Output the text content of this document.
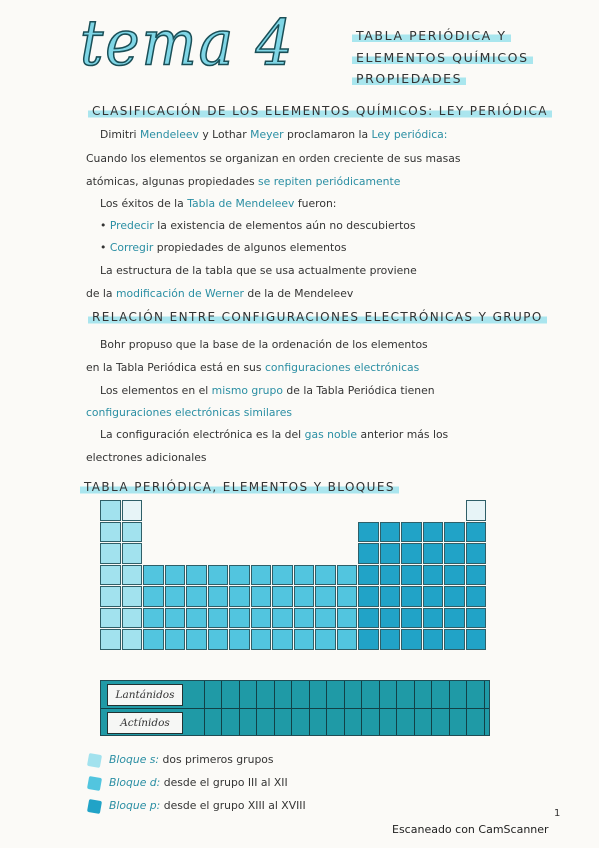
tema 4	TABLA PERIÓDICA Y
ELEMENTOS QUÍMICOS
PROPIEDADES
CLASIFICACIÓN DE LOS ELEMENTOS QUÍMICOS: LEY PERIÓDICA
Dimitri Mendeleev y Lothar Meyer proclamaron la Ley periódica:
Cuando los elementos se organizan en orden creciente de sus masas
atómicas, algunas propiedades se repiten periódicamente
Los éxitos de la Tabla de Mendeleev fueron:
• Predecir la existencia de elementos aún no descubiertos
• Corregir propiedades de algunos elementos
La estructura de la tabla que se usa actualmente proviene
de la modificación de Werner de la de Mendeleev
RELACIÓN ENTRE CONFIGURACIONES ELECTRÓNICAS Y GRUPO
Bohr propuso que la base de la ordenación de los elementos
en la Tabla Periódica está en sus configuraciones electrónicas
Los elementos en el mismo grupo de la Tabla Periódica tienen
configuraciones electrónicas similares
La configuración electrónica es la del gas noble anterior más los
electrones adicionales
TABLA PERIÓDICA, ELEMENTOS Y BLOQUES
Lantánidos
Actínidos
Bloque s: dos primeros grupos
Bloque d: desde el grupo III al XII
Bloque p: desde el grupo XIII al XVIII
1
Escaneado con CamScanner
